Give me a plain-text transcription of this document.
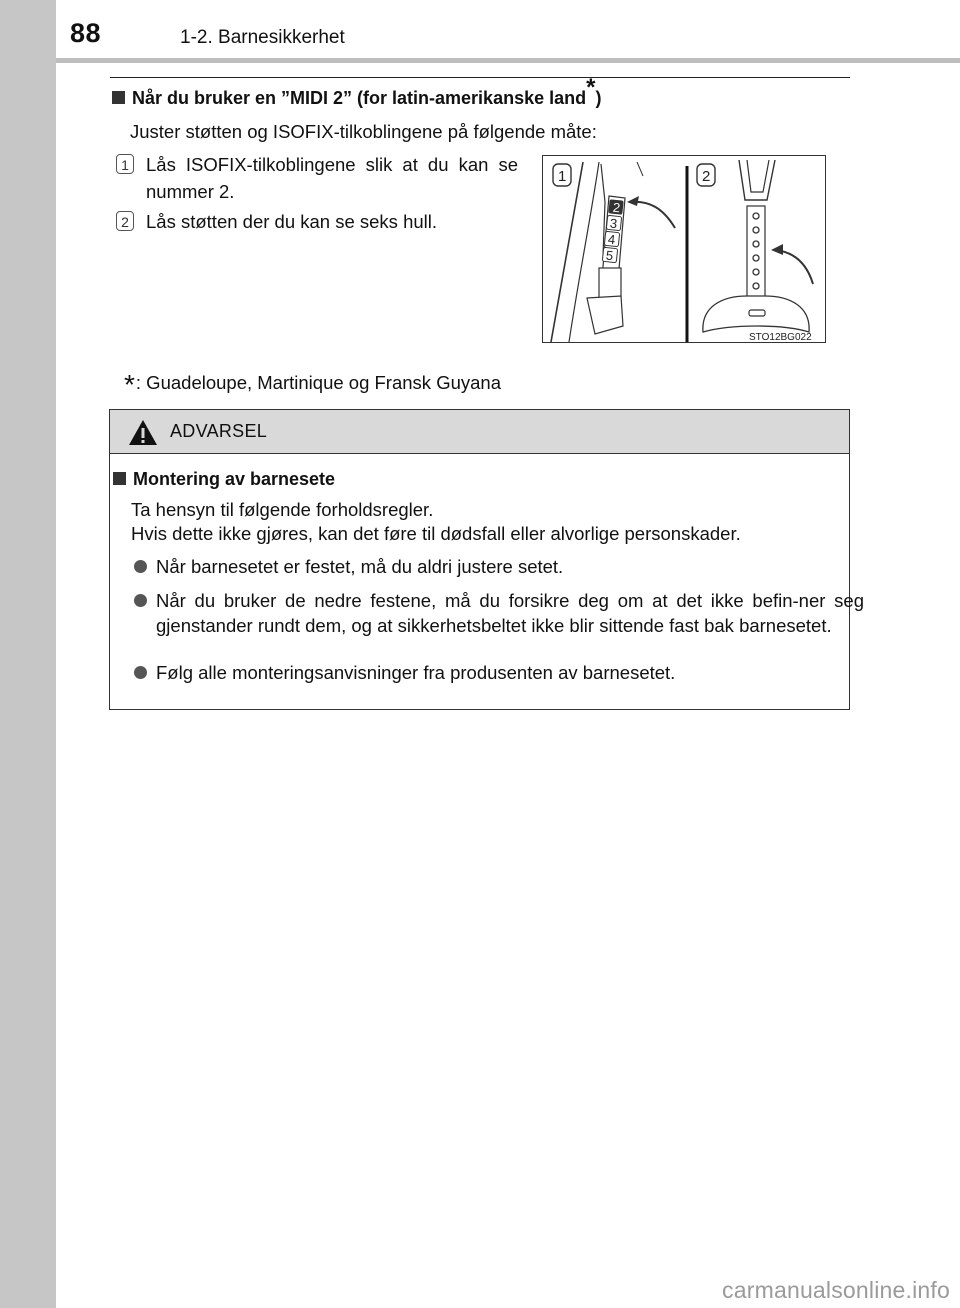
88	1-2. Barnesikkerhet
Når du bruker en ”MIDI 2” (for latin-amerikanske land*)
Juster støtten og ISOFIX-tilkoblingene på følgende måte:
1 Lås ISOFIX-tilkoblingene slik at du kan se nummer 2.
2 Lås støtten der du kan se seks hull.
2
3
4
5
1	2
STO12BG022
*: Guadeloupe, Martinique og Fransk Guyana
ADVARSEL
Montering av barnesete
Ta hensyn til følgende forholdsregler.
Hvis dette ikke gjøres, kan det føre til dødsfall eller alvorlige personskader.
Når barnesetet er festet, må du aldri justere setet.
Når du bruker de nedre festene, må du forsikre deg om at det ikke befin-ner seg gjenstander rundt dem, og at sikkerhetsbeltet ikke blir sittende fast bak barnesetet.
Følg alle monteringsanvisninger fra produsenten av barnesetet.
carmanualsonline.info
